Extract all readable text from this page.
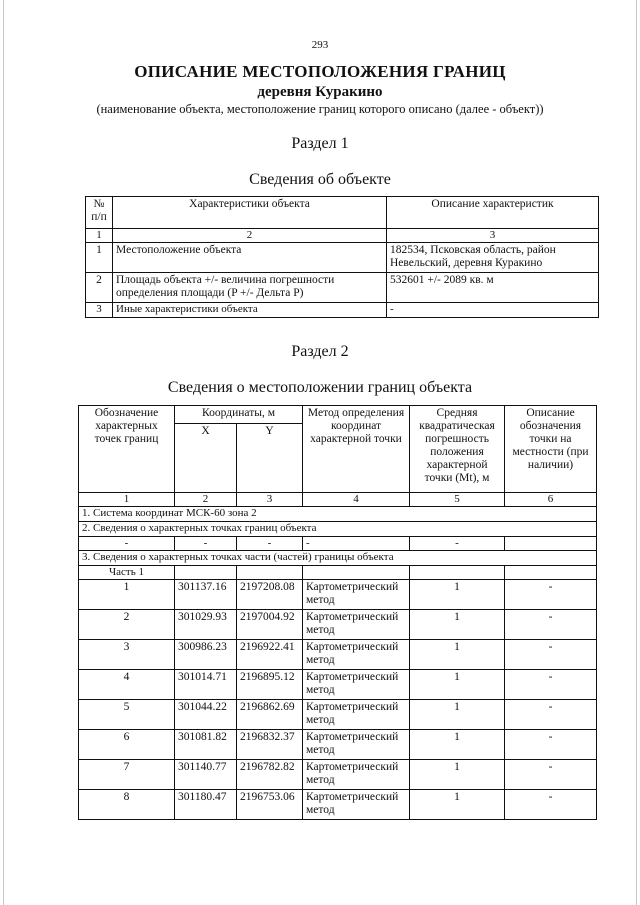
293
ОПИСАНИЕ МЕСТОПОЛОЖЕНИЯ ГРАНИЦ
деревня Куракино
(наименование объекта, местоположение границ которого описано (далее - объект))
Раздел 1
Сведения об объекте
№ п/п	Характеристики объекта	Описание характеристик
1	2	3
1	Местоположение объекта	182534, Псковская область, район Невельский, деревня Куракино
2	Площадь объекта +/- величина погрешности определения площади (P +/- Дельта P)	532601 +/- 2089 кв. м
3	Иные характеристики объекта	-
Раздел 2
Сведения о местоположении границ объекта
Обозначение характерных точек границ	Координаты, м		Метод определения координат характерной точки	Средняя квадратическая погрешность положения характерной точки (Мt), м	Описание обозначения точки на местности (при наличии)
	X	Y			
1	2	3	4	5	6
1. Система координат МСК-60 зона 2					
2. Сведения о характерных точках границ объекта					
-	-	-	-	-	
3. Сведения о характерных точках части (частей) границы объекта					
Часть 1					
1	301137.16	2197208.08	Картометрический метод	1	-
2	301029.93	2197004.92	Картометрический метод	1	-
3	300986.23	2196922.41	Картометрический метод	1	-
4	301014.71	2196895.12	Картометрический метод	1	-
5	301044.22	2196862.69	Картометрический метод	1	-
6	301081.82	2196832.37	Картометрический метод	1	-
7	301140.77	2196782.82	Картометрический метод	1	-
8	301180.47	2196753.06	Картометрический метод	1	-
